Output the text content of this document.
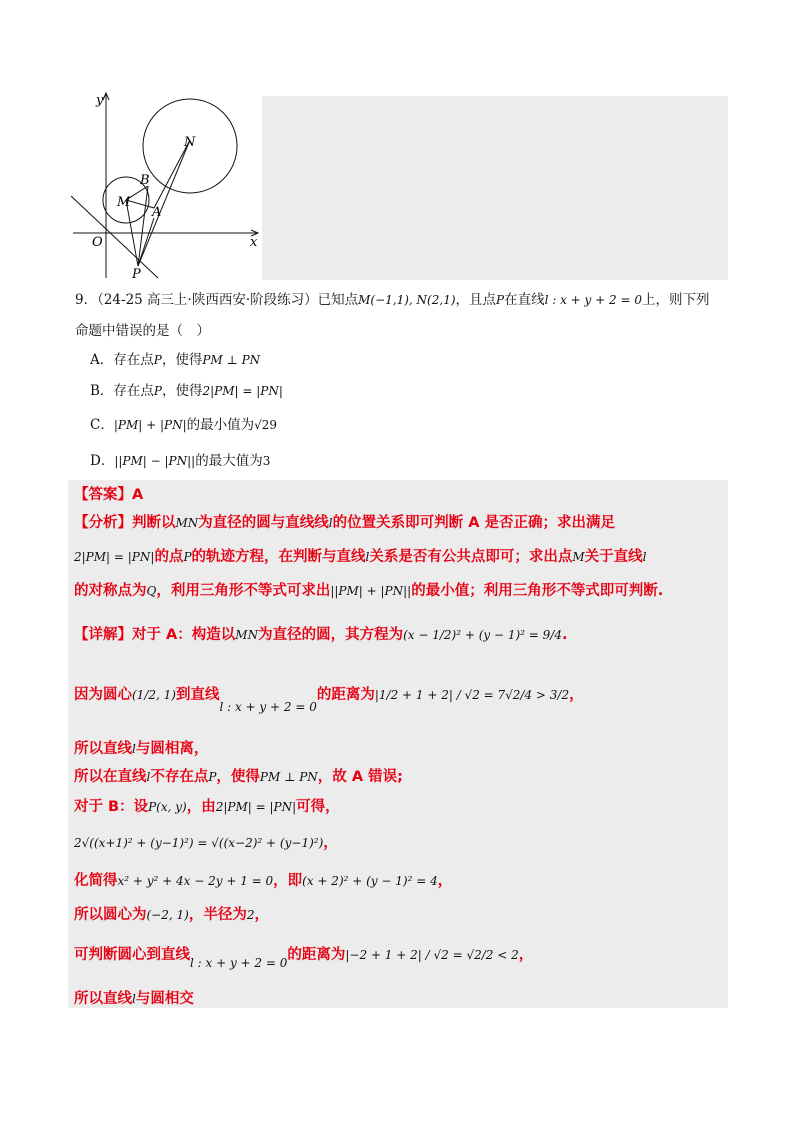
y
x
O
N
B
M
A
P
9．（24-25 高三上·陕西西安·阶段练习）已知点M(−1,1), N(2,1)，且点P在直线l : x + y + 2 = 0上，则下列
命题中错误的是（　）
A．存在点P，使得PM ⊥ PN
B．存在点P，使得2|PM| = |PN|
C．|PM| + |PN|的最小值为√29
D．||PM| − |PN||的最大值为3
【答案】A
【分析】判断以MN为直径的圆与直线线l的位置关系即可判断 A 是否正确；求出满足
2|PM| = |PN|的点P的轨迹方程，在判断与直线l关系是否有公共点即可；求出点M关于直线l
的对称点为Q，利用三角形不等式可求出||PM| + |PN||的最小值；利用三角形不等式即可判断.
【详解】对于 A：构造以MN为直径的圆，其方程为(x − 1/2)² + (y − 1)² = 9/4.
因为圆心(1/2, 1)到直线$_{l : x + y + 2 = 0}$的距离为|1/2 + 1 + 2| / √2 = 7√2/4 > 3/2，
所以直线l与圆相离，
所以在直线l不存在点P，使得PM ⊥ PN，故 A 错误;
对于 B：设P(x, y)，由2|PM| = |PN|可得，
2√((x+1)² + (y−1)²) = √((x−2)² + (y−1)²)，
化简得x² + y² + 4x − 2y + 1 = 0，即(x + 2)² + (y − 1)² = 4，
所以圆心为(−2, 1)，半径为2，
可判断圆心到直线$_{l : x + y + 2 = 0}$的距离为|−2 + 1 + 2| / √2 = √2/2 < 2，
所以直线l与圆相交
